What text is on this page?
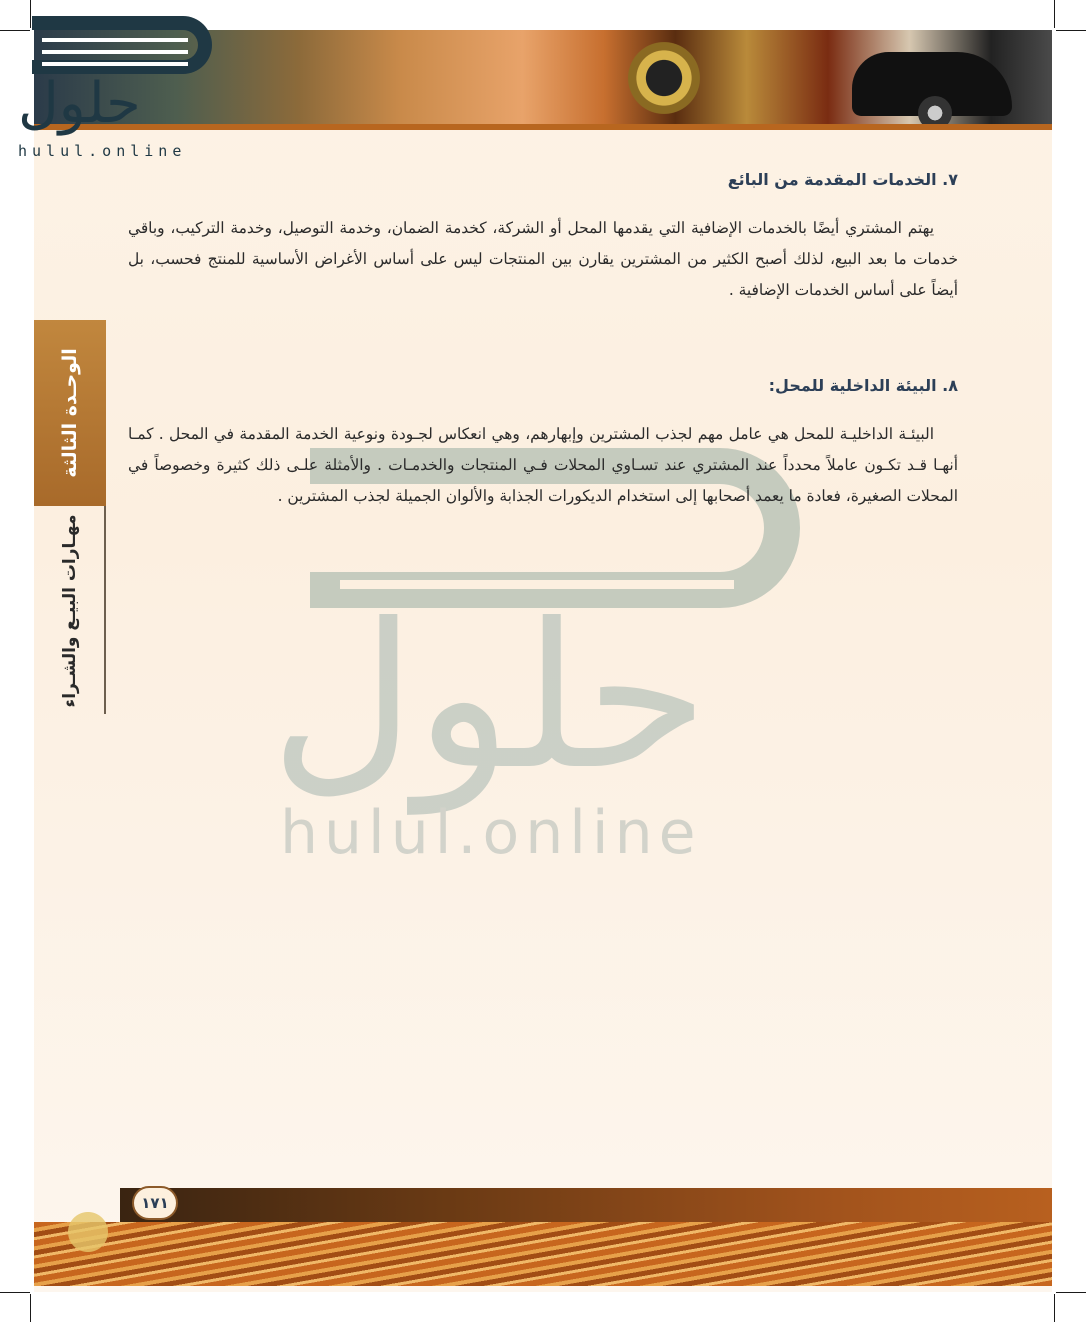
حلول
hulul.online
الوحـدة الثالثة
مهـارات البيـع والشـراء حلول
hulul.online
٧. الخدمات المقدمة من البائع

يهتم المشتري أيضًا بالخدمات الإضافية التي يقدمها المحل أو الشركة، كخدمة الضمان، وخدمة التوصيل، وخدمة التركيب، وباقي خدمات ما بعد البيع، لذلك أصبح الكثير من المشترين يقارن بين المنتجات ليس على أساس الأغراض الأساسية للمنتج فحسب، بل أيضاً على أساس الخدمات الإضافية .

٨. البيئة الداخلية للمحل:

البيئـة الداخليـة للمحل هي عامل مهم لجذب المشترين وإبهارهم، وهي انعكاس لجـودة ونوعية الخدمة المقدمة في المحل . كمـا أنهـا قـد تكـون عاملاً محدداً عند المشتري عند تسـاوي المحلات فـي المنتجات والخدمـات . والأمثلة علـى ذلك كثيرة وخصوصاً في المحلات الصغيرة، فعادة ما يعمد أصحابها إلى استخدام الديكورات الجذابة والألوان الجميلة لجذب المشترين .

١٧١
